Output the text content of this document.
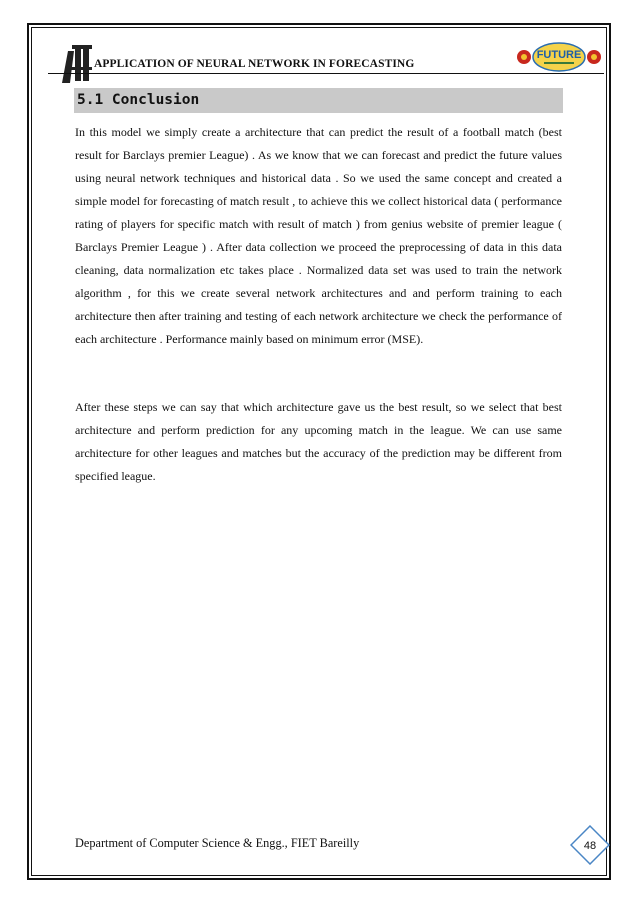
APPLICATION OF NEURAL NETWORK IN FORECASTING
FUTURE
5.1 Conclusion
In this model we simply create a architecture that can predict the result of a football match (best result for Barclays premier League) . As we know that we can forecast and predict the future values using neural network techniques and historical data . So we used the same concept and created a simple model for forecasting of match result , to achieve this we collect historical data ( performance rating of players for specific match with result of match ) from genius website of premier league ( Barclays Premier League ) . After data collection we proceed the preprocessing of data in this data cleaning, data normalization etc takes place . Normalized data set was used to train the network algorithm , for this we create several network architectures and and perform training to each architecture then after training and testing of each network architecture we check the performance of each architecture . Performance mainly based on minimum error (MSE).
After these steps we can say that which architecture gave us the best result, so we select that best architecture and perform prediction for any upcoming match in the league. We can use same architecture for other leagues and matches but the accuracy of the prediction may be different from specified league.
Department of Computer Science & Engg., FIET Bareilly	48
